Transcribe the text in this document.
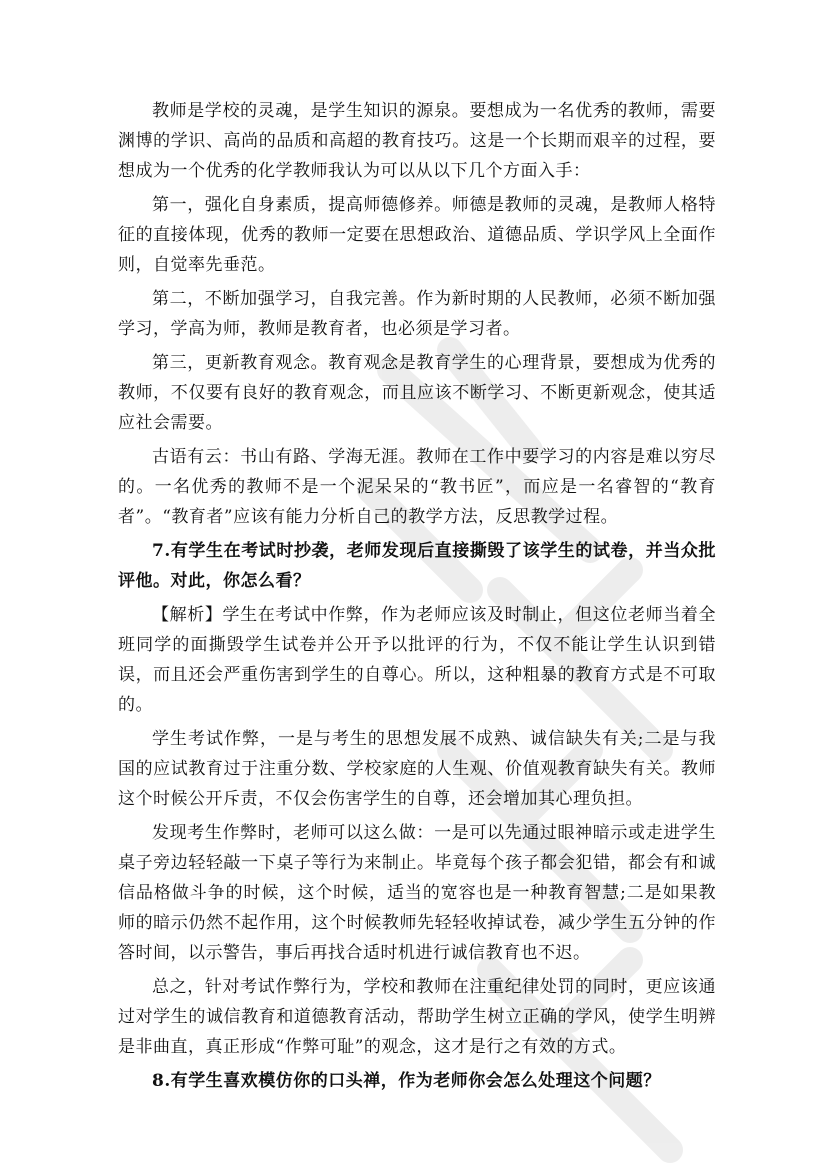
教师是学校的灵魂，是学生知识的源泉。要想成为一名优秀的教师，需要渊博的学识、高尚的品质和高超的教育技巧。这是一个长期而艰辛的过程，要想成为一个优秀的化学教师我认为可以从以下几个方面入手：

第一，强化自身素质，提高师德修养。师德是教师的灵魂，是教师人格特征的直接体现，优秀的教师一定要在思想政治、道德品质、学识学风上全面作则，自觉率先垂范。

第二，不断加强学习，自我完善。作为新时期的人民教师，必须不断加强学习，学高为师，教师是教育者，也必须是学习者。

第三，更新教育观念。教育观念是教育学生的心理背景，要想成为优秀的教师，不仅要有良好的教育观念，而且应该不断学习、不断更新观念，使其适应社会需要。

古语有云：书山有路、学海无涯。教师在工作中要学习的内容是难以穷尽的。一名优秀的教师不是一个泥呆呆的“教书匠”，而应是一名睿智的“教育者”。“教育者”应该有能力分析自己的教学方法，反思教学过程。

7.有学生在考试时抄袭，老师发现后直接撕毁了该学生的试卷，并当众批评他。对此，你怎么看？

【解析】学生在考试中作弊，作为老师应该及时制止，但这位老师当着全班同学的面撕毁学生试卷并公开予以批评的行为，不仅不能让学生认识到错误，而且还会严重伤害到学生的自尊心。所以，这种粗暴的教育方式是不可取的。

学生考试作弊，一是与考生的思想发展不成熟、诚信缺失有关;二是与我国的应试教育过于注重分数、学校家庭的人生观、价值观教育缺失有关。教师这个时候公开斥责，不仅会伤害学生的自尊，还会增加其心理负担。

发现考生作弊时，老师可以这么做：一是可以先通过眼神暗示或走进学生桌子旁边轻轻敲一下桌子等行为来制止。毕竟每个孩子都会犯错，都会有和诚信品格做斗争的时候，这个时候，适当的宽容也是一种教育智慧;二是如果教师的暗示仍然不起作用，这个时候教师先轻轻收掉试卷，减少学生五分钟的作答时间，以示警告，事后再找合适时机进行诚信教育也不迟。

总之，针对考试作弊行为，学校和教师在注重纪律处罚的同时，更应该通过对学生的诚信教育和道德教育活动，帮助学生树立正确的学风，使学生明辨是非曲直，真正形成“作弊可耻”的观念，这才是行之有效的方式。

8.有学生喜欢模仿你的口头禅，作为老师你会怎么处理这个问题？
